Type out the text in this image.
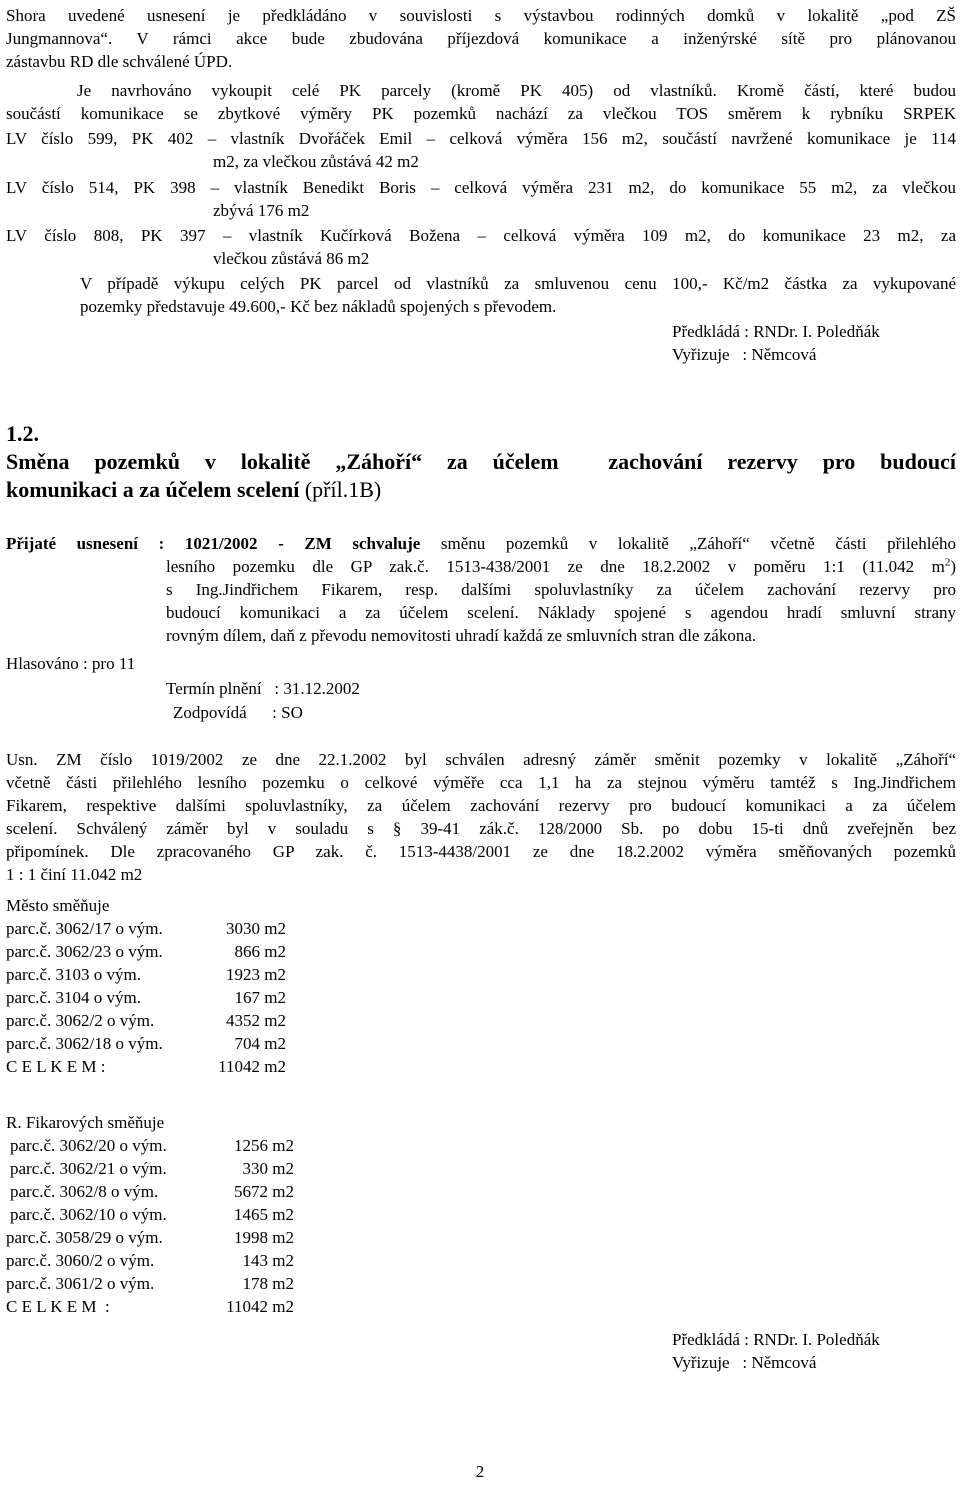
Shora uvedené usnesení je předkládáno v souvislosti s výstavbou rodinných domků v lokalitě „pod ZŠ
Jungmannova“. V rámci akce bude zbudována příjezdová komunikace a inženýrské sítě pro plánovanou
zástavbu RD dle schválené ÚPD.
Je navrhováno vykoupit celé PK parcely (kromě PK 405) od vlastníků. Kromě částí, které budou
součástí komunikace se zbytkové výměry PK pozemků nachází za vlečkou TOS směrem k rybníku SRPEK
LV číslo 599, PK 402 – vlastník Dvořáček Emil – celková výměra 156 m2, součástí navržené komunikace je 114
m2, za vlečkou zůstává 42 m2
LV číslo 514, PK 398 – vlastník Benedikt Boris – celková výměra 231 m2, do komunikace 55 m2, za vlečkou
zbývá 176 m2
LV číslo 808, PK 397 – vlastník Kučírková Božena – celková výměra 109 m2, do komunikace 23 m2, za
vlečkou zůstává 86 m2
V případě výkupu celých PK parcel od vlastníků za smluvenou cenu 100,- Kč/m2 částka za vykupované
pozemky představuje 49.600,- Kč bez nákladů spojených s převodem.
Předkládá : RNDr. I. Poledňák
Vyřizuje   : Němcová
1.2.
Směna pozemků v lokalitě „Záhoří“ za účelem  zachování rezervy pro budoucí
komunikaci a za účelem scelení (příl.1B)
Přijaté usnesení : 1021/2002 - ZM schvaluje směnu pozemků v lokalitě „Záhoří“ včetně části přilehlého
lesního pozemku dle GP zak.č. 1513-438/2001 ze dne 18.2.2002 v poměru 1:1 (11.042 $m^2$)
s Ing.Jindřichem Fikarem, resp. dalšími spoluvlastníky za účelem zachování rezervy pro
budoucí komunikaci a za účelem scelení. Náklady spojené s agendou hradí smluvní strany
rovným dílem, daň z převodu nemovitosti uhradí každá ze smluvních stran dle zákona.
Hlasováno : pro 11
Termín plnění   : 31.12.2002
Zodpovídá      : SO
Usn. ZM číslo 1019/2002 ze dne 22.1.2002 byl schválen adresný záměr směnit pozemky v lokalitě „Záhoří“
včetně části přilehlého lesního pozemku o celkové výměře cca 1,1 ha za stejnou výměru tamtéž s Ing.Jindřichem
Fikarem, respektive dalšími spoluvlastníky, za účelem zachování rezervy pro budoucí komunikaci a za účelem
scelení. Schválený záměr byl v souladu s § 39-41 zák.č. 128/2000 Sb. po dobu 15-ti dnů zveřejněn bez
připomínek. Dle zpracovaného GP zak. č. 1513-4438/2001 ze dne 18.2.2002 výměra směňovaných pozemků
1 : 1 činí 11.042 m2
Město směňuje
parc.č. 3062/17 o vým.	3030 m2
parc.č. 3062/23 o vým.	866 m2
parc.č. 3103 o vým.	1923 m2
parc.č. 3104 o vým.	167 m2
parc.č. 3062/2 o vým.	4352 m2
parc.č. 3062/18 o vým.	704 m2
C E L K E M :	11042 m2
R. Fikarových směňuje
parc.č. 3062/20 o vým.	1256 m2
parc.č. 3062/21 o vým.	330 m2
parc.č. 3062/8 o vým.	5672 m2
parc.č. 3062/10 o vým.	1465 m2
parc.č. 3058/29 o vým.	1998 m2
parc.č. 3060/2 o vým.	143 m2
parc.č. 3061/2 o vým.	178 m2
C E L K E M  :	11042 m2
Předkládá : RNDr. I. Poledňák
Vyřizuje   : Němcová
2
